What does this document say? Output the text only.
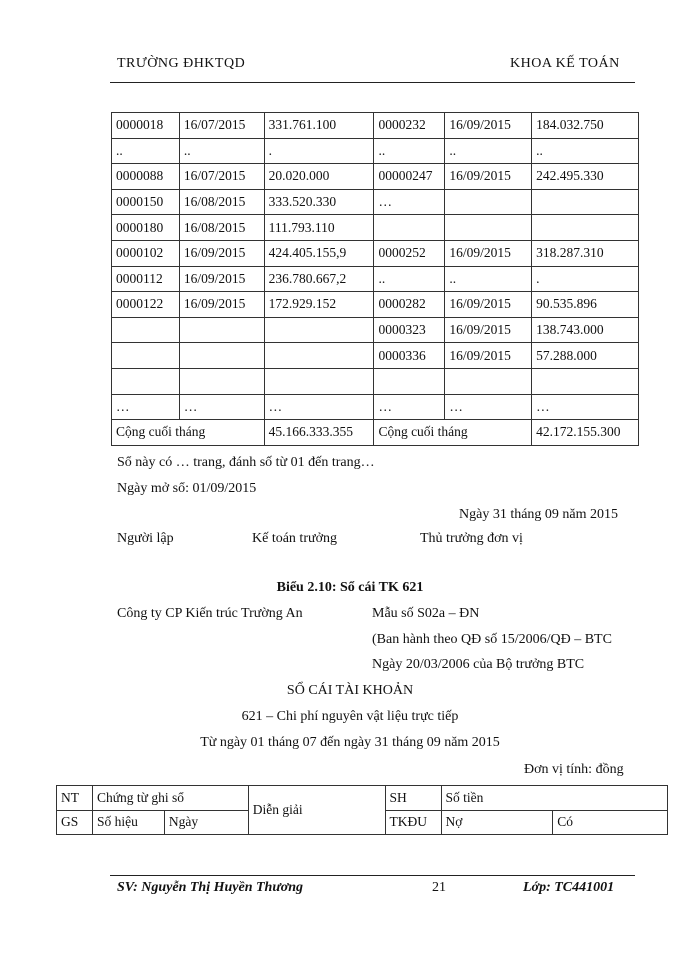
TRƯỜNG ĐHKTQD	KHOA KẾ TOÁN
0000018	16/07/2015	331.761.100	0000232	16/09/2015	184.032.750
..	..	.	..	..	..
0000088	16/07/2015	20.020.000	00000247	16/09/2015	242.495.330
0000150	16/08/2015	333.520.330	…		
0000180	16/08/2015	111.793.110			
0000102	16/09/2015	424.405.155,9	0000252	16/09/2015	318.287.310
0000112	16/09/2015	236.780.667,2	..	..	.
0000122	16/09/2015	172.929.152	0000282	16/09/2015	90.535.896
			0000323	16/09/2015	138.743.000
			0000336	16/09/2015	57.288.000

…	…	…	…	…	…
Cộng cuối tháng		45.166.333.355	Cộng cuối tháng		42.172.155.300
Sổ này có … trang, đánh số từ 01 đến trang…
Ngày mở sổ: 01/09/2015
Ngày 31 tháng 09 năm 2015
Người lập	Kế toán trưởng	Thủ trưởng đơn vị
Biểu 2.10: Sổ cái TK 621
Công ty CP Kiến trúc Trường An	Mẫu số S02a – ĐN
(Ban hành theo QĐ số 15/2006/QĐ – BTC
Ngày 20/03/2006 của Bộ trưởng BTC
SỔ CÁI TÀI KHOẢN
621 – Chi phí nguyên vật liệu trực tiếp
Từ ngày 01 tháng 07 đến ngày 31 tháng 09 năm 2015
Đơn vị tính: đồng
NT	Chứng từ ghi sổ		Diễn giải	SH	Số tiền	
GS	Số hiệu	Ngày		TKĐU	Nợ	Có
SV: Nguyễn Thị Huyền Thương	21	Lớp: TC441001
